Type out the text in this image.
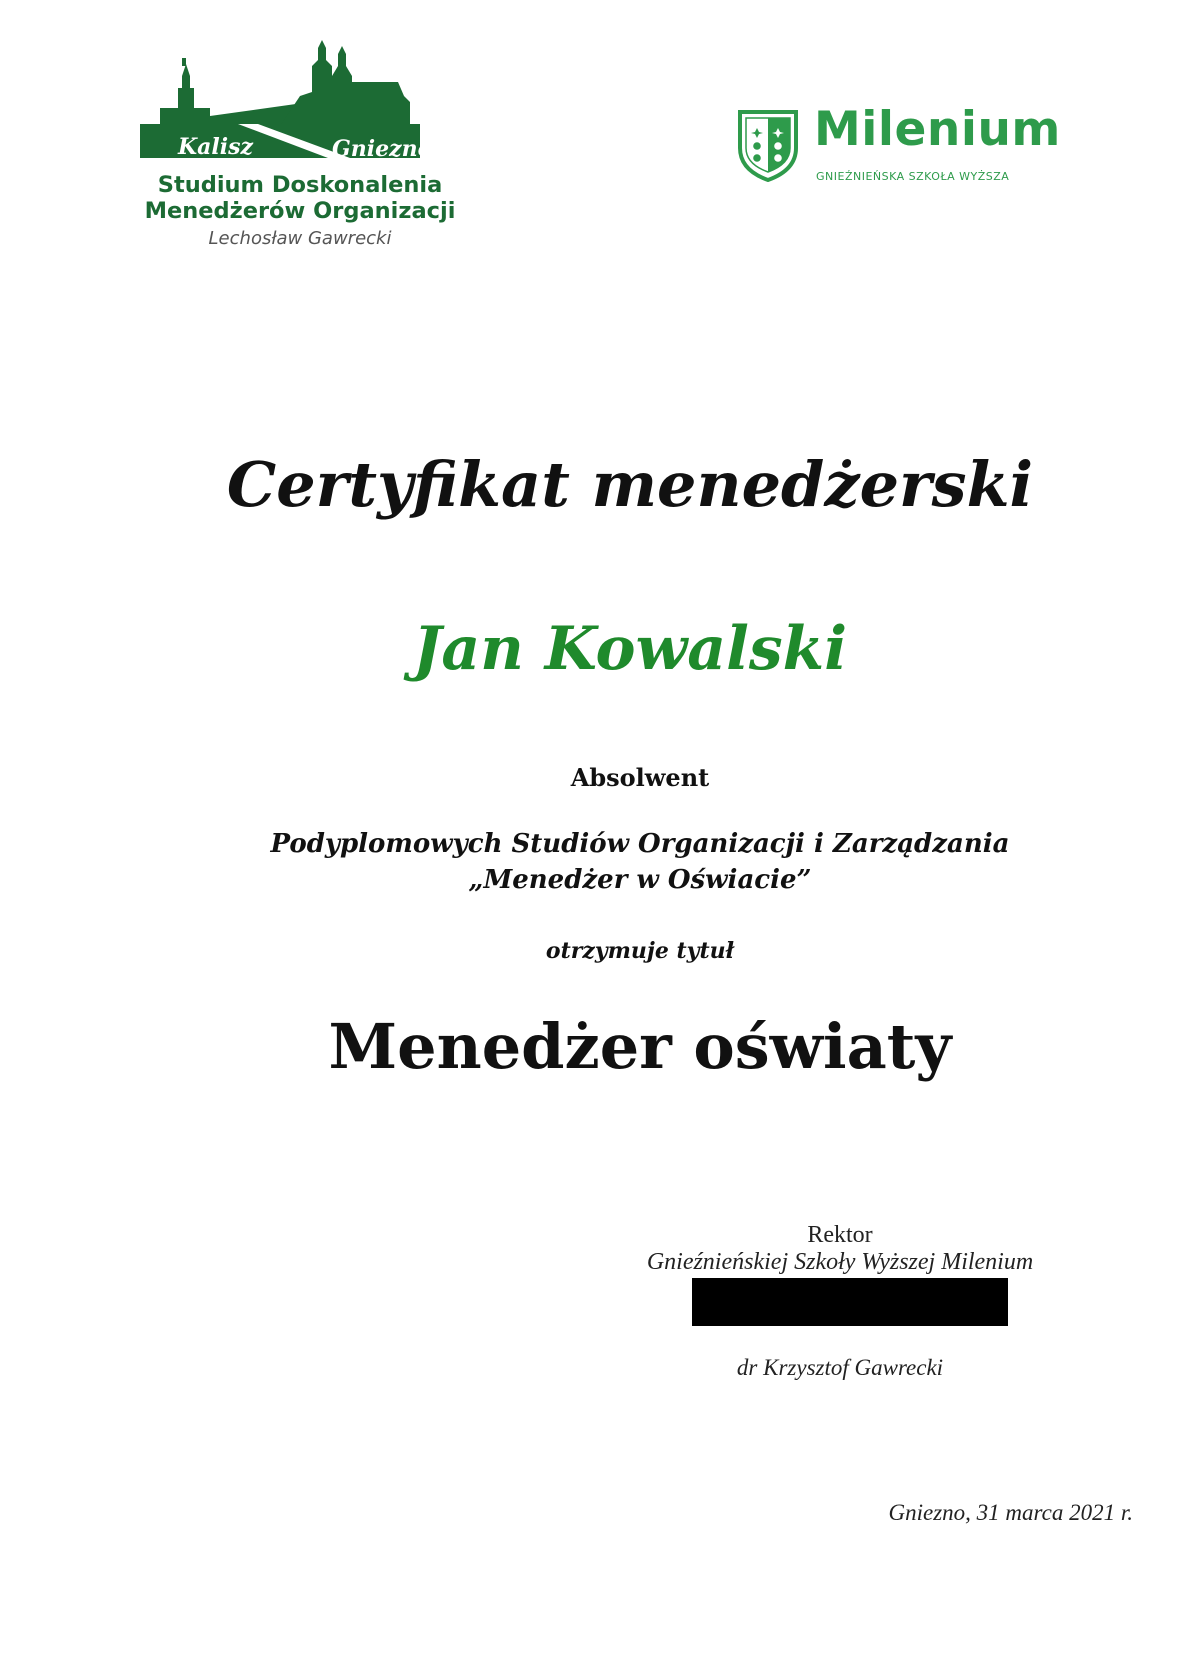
Kalisz	Gniezno
Studium Doskonalenia
Menedżerów Organizacji
Lechosław Gawrecki
Milenium
GNIEŹNIEŃSKA SZKOŁA WYŻSZA
Certyfikat menedżerski
Jan Kowalski
Absolwent
Podyplomowych Studiów Organizacji i Zarządzania
„Menedżer w Oświacie”
otrzymuje tytuł
Menedżer oświaty
Rektor
Gnieźnieńskiej Szkoły Wyższej Milenium
dr Krzysztof Gawrecki
Gniezno, 31 marca 2021 r.
